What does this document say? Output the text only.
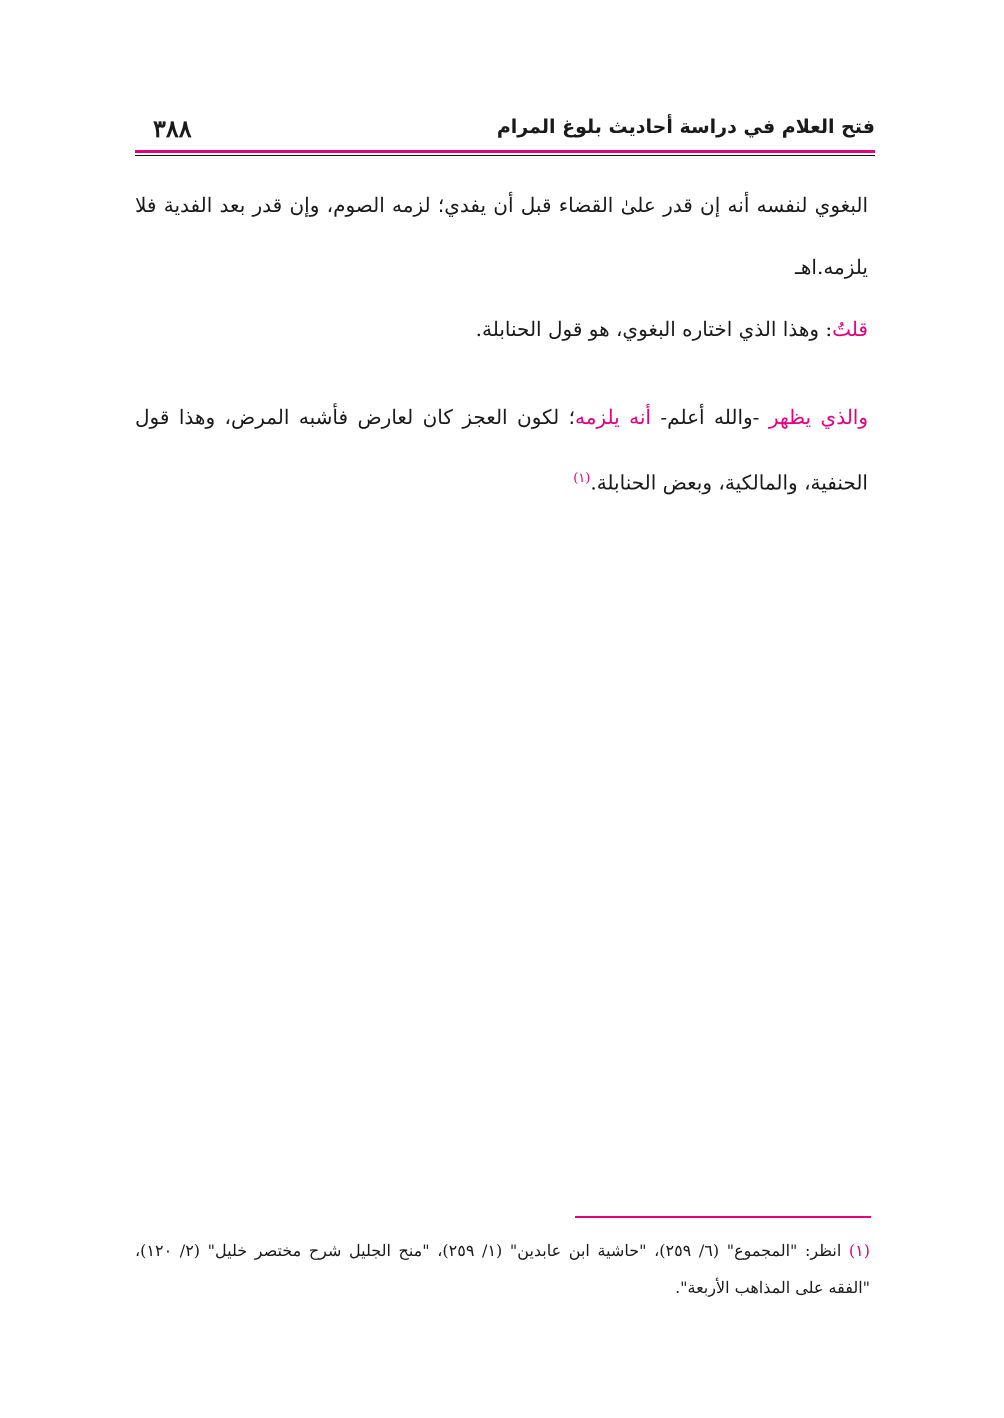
٣٨٨	فتح العلام في دراسة أحاديث بلوغ المرام

البغوي لنفسه أنه إن قدر علىٰ القضاء قبل أن يفدي؛ لزمه الصوم، وإن قدر بعد الفدية فلا يلزمه.اهـ

قلتُ: وهذا الذي اختاره البغوي، هو قول الحنابلة.

والذي يظهر -والله أعلم- أنه يلزمه؛ لكون العجز كان لعارض فأشبه المرض، وهذا قول الحنفية، والمالكية، وبعض الحنابلة.$^{(١)}$

(١) انظر: "المجموع" (٦/ ٢٥٩)، "حاشية ابن عابدين" (١/ ٢٥٩)، "منح الجليل شرح مختصر خليل" (٢/ ١٢٠)، "الفقه على المذاهب الأربعة".
